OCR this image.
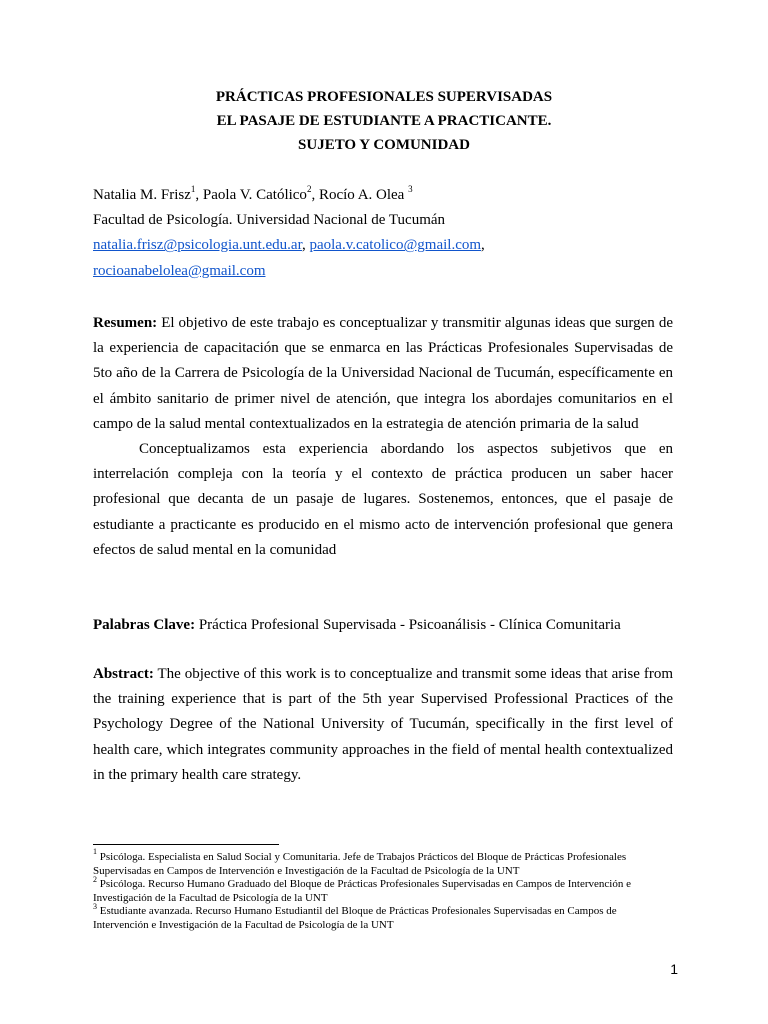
PRÁCTICAS PROFESIONALES SUPERVISADAS
EL PASAJE DE ESTUDIANTE A PRACTICANTE.
SUJETO Y COMUNIDAD
Natalia M. Frisz$^1$, Paola V. Católico$^2$, Rocío A. Olea $^3$
Facultad de Psicología. Universidad Nacional de Tucumán
natalia.frisz@psicologia.unt.edu.ar, paola.v.catolico@gmail.com,
rocioanabelolea@gmail.com
Resumen: El objetivo de este trabajo es conceptualizar y transmitir algunas ideas que surgen de la experiencia de capacitación que se enmarca en las Prácticas Profesionales Supervisadas de 5to año de la Carrera de Psicología de la Universidad Nacional de Tucumán, específicamente en el ámbito sanitario de primer nivel de atención, que integra los abordajes comunitarios en el campo de la salud mental contextualizados en la estrategia de atención primaria de la salud
Conceptualizamos esta experiencia abordando los aspectos subjetivos que en interrelación compleja con la teoría y el contexto de práctica producen un saber hacer profesional que decanta de un pasaje de lugares. Sostenemos, entonces, que el pasaje de estudiante a practicante es producido en el mismo acto de intervención profesional que genera efectos de salud mental en la comunidad
Palabras Clave: Práctica Profesional Supervisada - Psicoanálisis - Clínica Comunitaria
Abstract: The objective of this work is to conceptualize and transmit some ideas that arise from the training experience that is part of the 5th year Supervised Professional Practices of the Psychology Degree of the National University of Tucumán, specifically in the first level of health care, which integrates community approaches in the field of mental health contextualized in the primary health care strategy.
$^1$ Psicóloga. Especialista en Salud Social y Comunitaria. Jefe de Trabajos Prácticos del Bloque de Prácticas Profesionales Supervisadas en Campos de Intervención e Investigación de la Facultad de Psicología de la UNT
$^2$ Psicóloga. Recurso Humano Graduado del Bloque de Prácticas Profesionales Supervisadas en Campos de Intervención e Investigación de la Facultad de Psicología de la UNT
$^3$ Estudiante avanzada. Recurso Humano Estudiantil del Bloque de Prácticas Profesionales Supervisadas en Campos de Intervención e Investigación de la Facultad de Psicología de la UNT
1
